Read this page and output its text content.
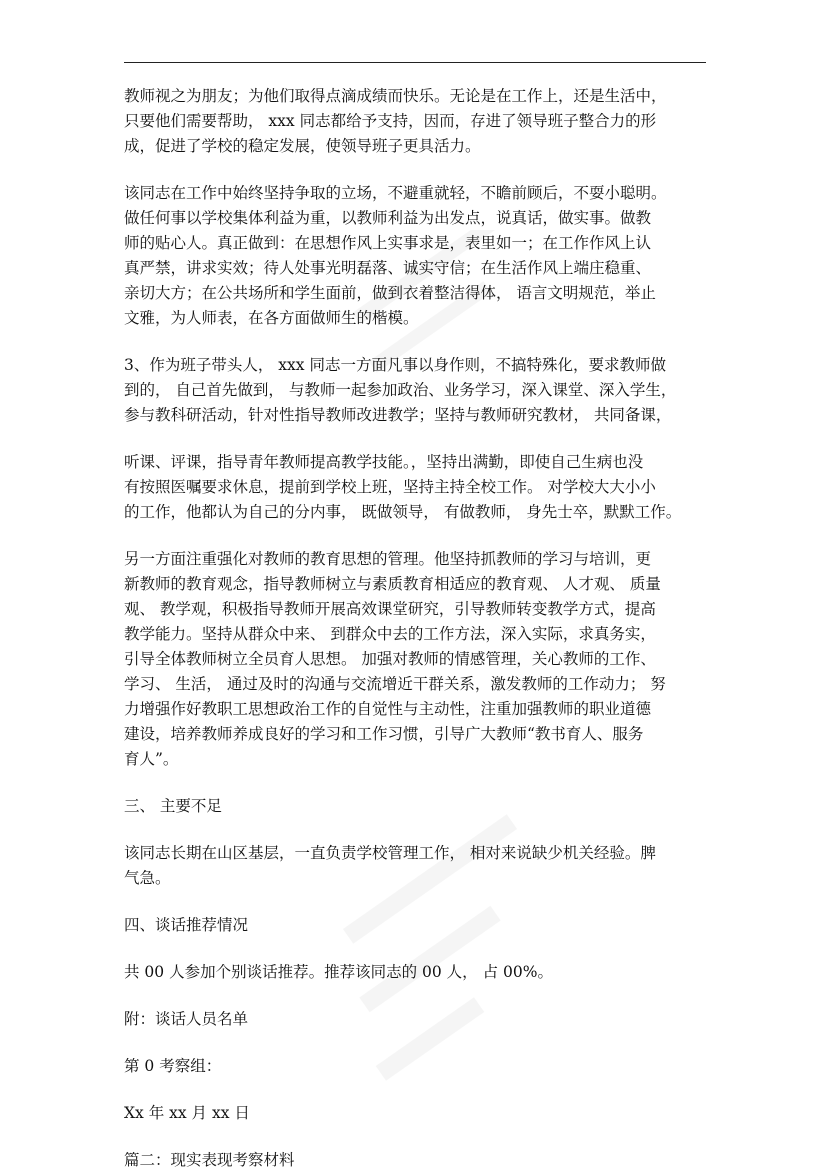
教师视之为朋友；为他们取得点滴成绩而快乐。无论是在工作上，还是生活中，
只要他们需要帮助， xxx 同志都给予支持，因而，存进了领导班子整合力的形
成，促进了学校的稳定发展，使领导班子更具活力。
该同志在工作中始终坚持争取的立场，不避重就轻，不瞻前顾后，不耍小聪明。
做任何事以学校集体利益为重，以教师利益为出发点，说真话，做实事。做教
师的贴心人。真正做到：在思想作风上实事求是，表里如一；在工作作风上认
真严禁，讲求实效；待人处事光明磊落、诚实守信；在生活作风上端庄稳重、
亲切大方；在公共场所和学生面前，做到衣着整洁得体， 语言文明规范，举止
文雅，为人师表，在各方面做师生的楷模。
3、作为班子带头人， xxx 同志一方面凡事以身作则，不搞特殊化，要求教师做
到的， 自己首先做到， 与教师一起参加政治、业务学习，深入课堂、深入学生，
参与教科研活动，针对性指导教师改进教学；坚持与教师研究教材， 共同备课，
听课、评课，指导青年教师提高教学技能。，坚持出满勤，即使自己生病也没
有按照医嘱要求休息，提前到学校上班，坚持主持全校工作。 对学校大大小小
的工作，他都认为自己的分内事， 既做领导， 有做教师， 身先士卒，默默工作。
另一方面注重强化对教师的教育思想的管理。他坚持抓教师的学习与培训，更
新教师的教育观念，指导教师树立与素质教育相适应的教育观、 人才观、 质量
观、 教学观，积极指导教师开展高效课堂研究，引导教师转变教学方式，提高
教学能力。坚持从群众中来、 到群众中去的工作方法，深入实际，求真务实，
引导全体教师树立全员育人思想。 加强对教师的情感管理，关心教师的工作、
学习、 生活， 通过及时的沟通与交流增近干群关系，激发教师的工作动力； 努
力增强作好教职工思想政治工作的自觉性与主动性，注重加强教师的职业道德
建设，培养教师养成良好的学习和工作习惯，引导广大教师“教书育人、服务
育人”。
三、 主要不足
该同志长期在山区基层，一直负责学校管理工作， 相对来说缺少机关经验。脾
气急。
四、谈话推荐情况
共 00 人参加个别谈话推荐。推荐该同志的 00 人， 占 00%。
附：谈话人员名单
第 0 考察组：
Xx 年 xx 月 xx 日
篇二：现实表现考察材料
